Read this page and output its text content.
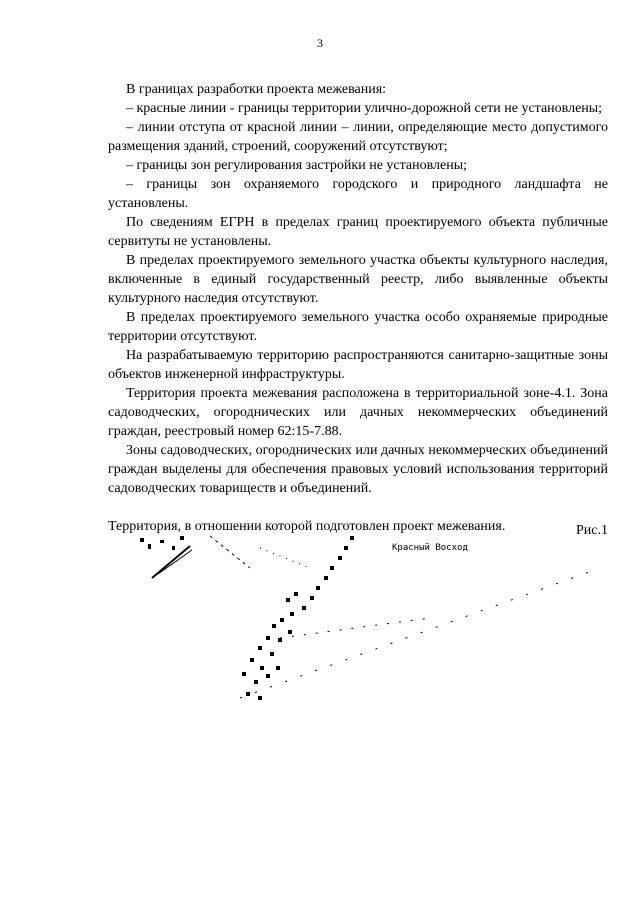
3

В границах разработки проекта межевания:

– красные линии - границы территории улично-дорожной сети не установлены;

– линии отступа от красной линии – линии, определяющие место допустимого размещения зданий, строений, сооружений отсутствуют;

– границы зон регулирования застройки не установлены;

– границы зон охраняемого городского и природного ландшафта не установлены.

По сведениям ЕГРН в пределах границ проектируемого объекта публичные сервитуты не установлены.

В пределах проектируемого земельного участка объекты культурного наследия, включенные в единый государственный реестр, либо выявленные объекты культурного наследия отсутствуют.

В пределах проектируемого земельного участка особо охраняемые природные территории отсутствуют.

На разрабатываемую территорию распространяются санитарно-защитные зоны объектов инженерной инфраструктуры.

Территория проекта межевания расположена в территориальной зоне-4.1. Зона садоводческих, огороднических или дачных некоммерческих объединений граждан, реестровый номер 62:15-7.88.

Зоны садоводческих, огороднических или дачных некоммерческих объединений граждан выделены для обеспечения правовых условий использования территорий садоводческих товариществ и объединений.

Территория, в отношении которой подготовлен проект межевания.	Рис.1
Красный Восход
